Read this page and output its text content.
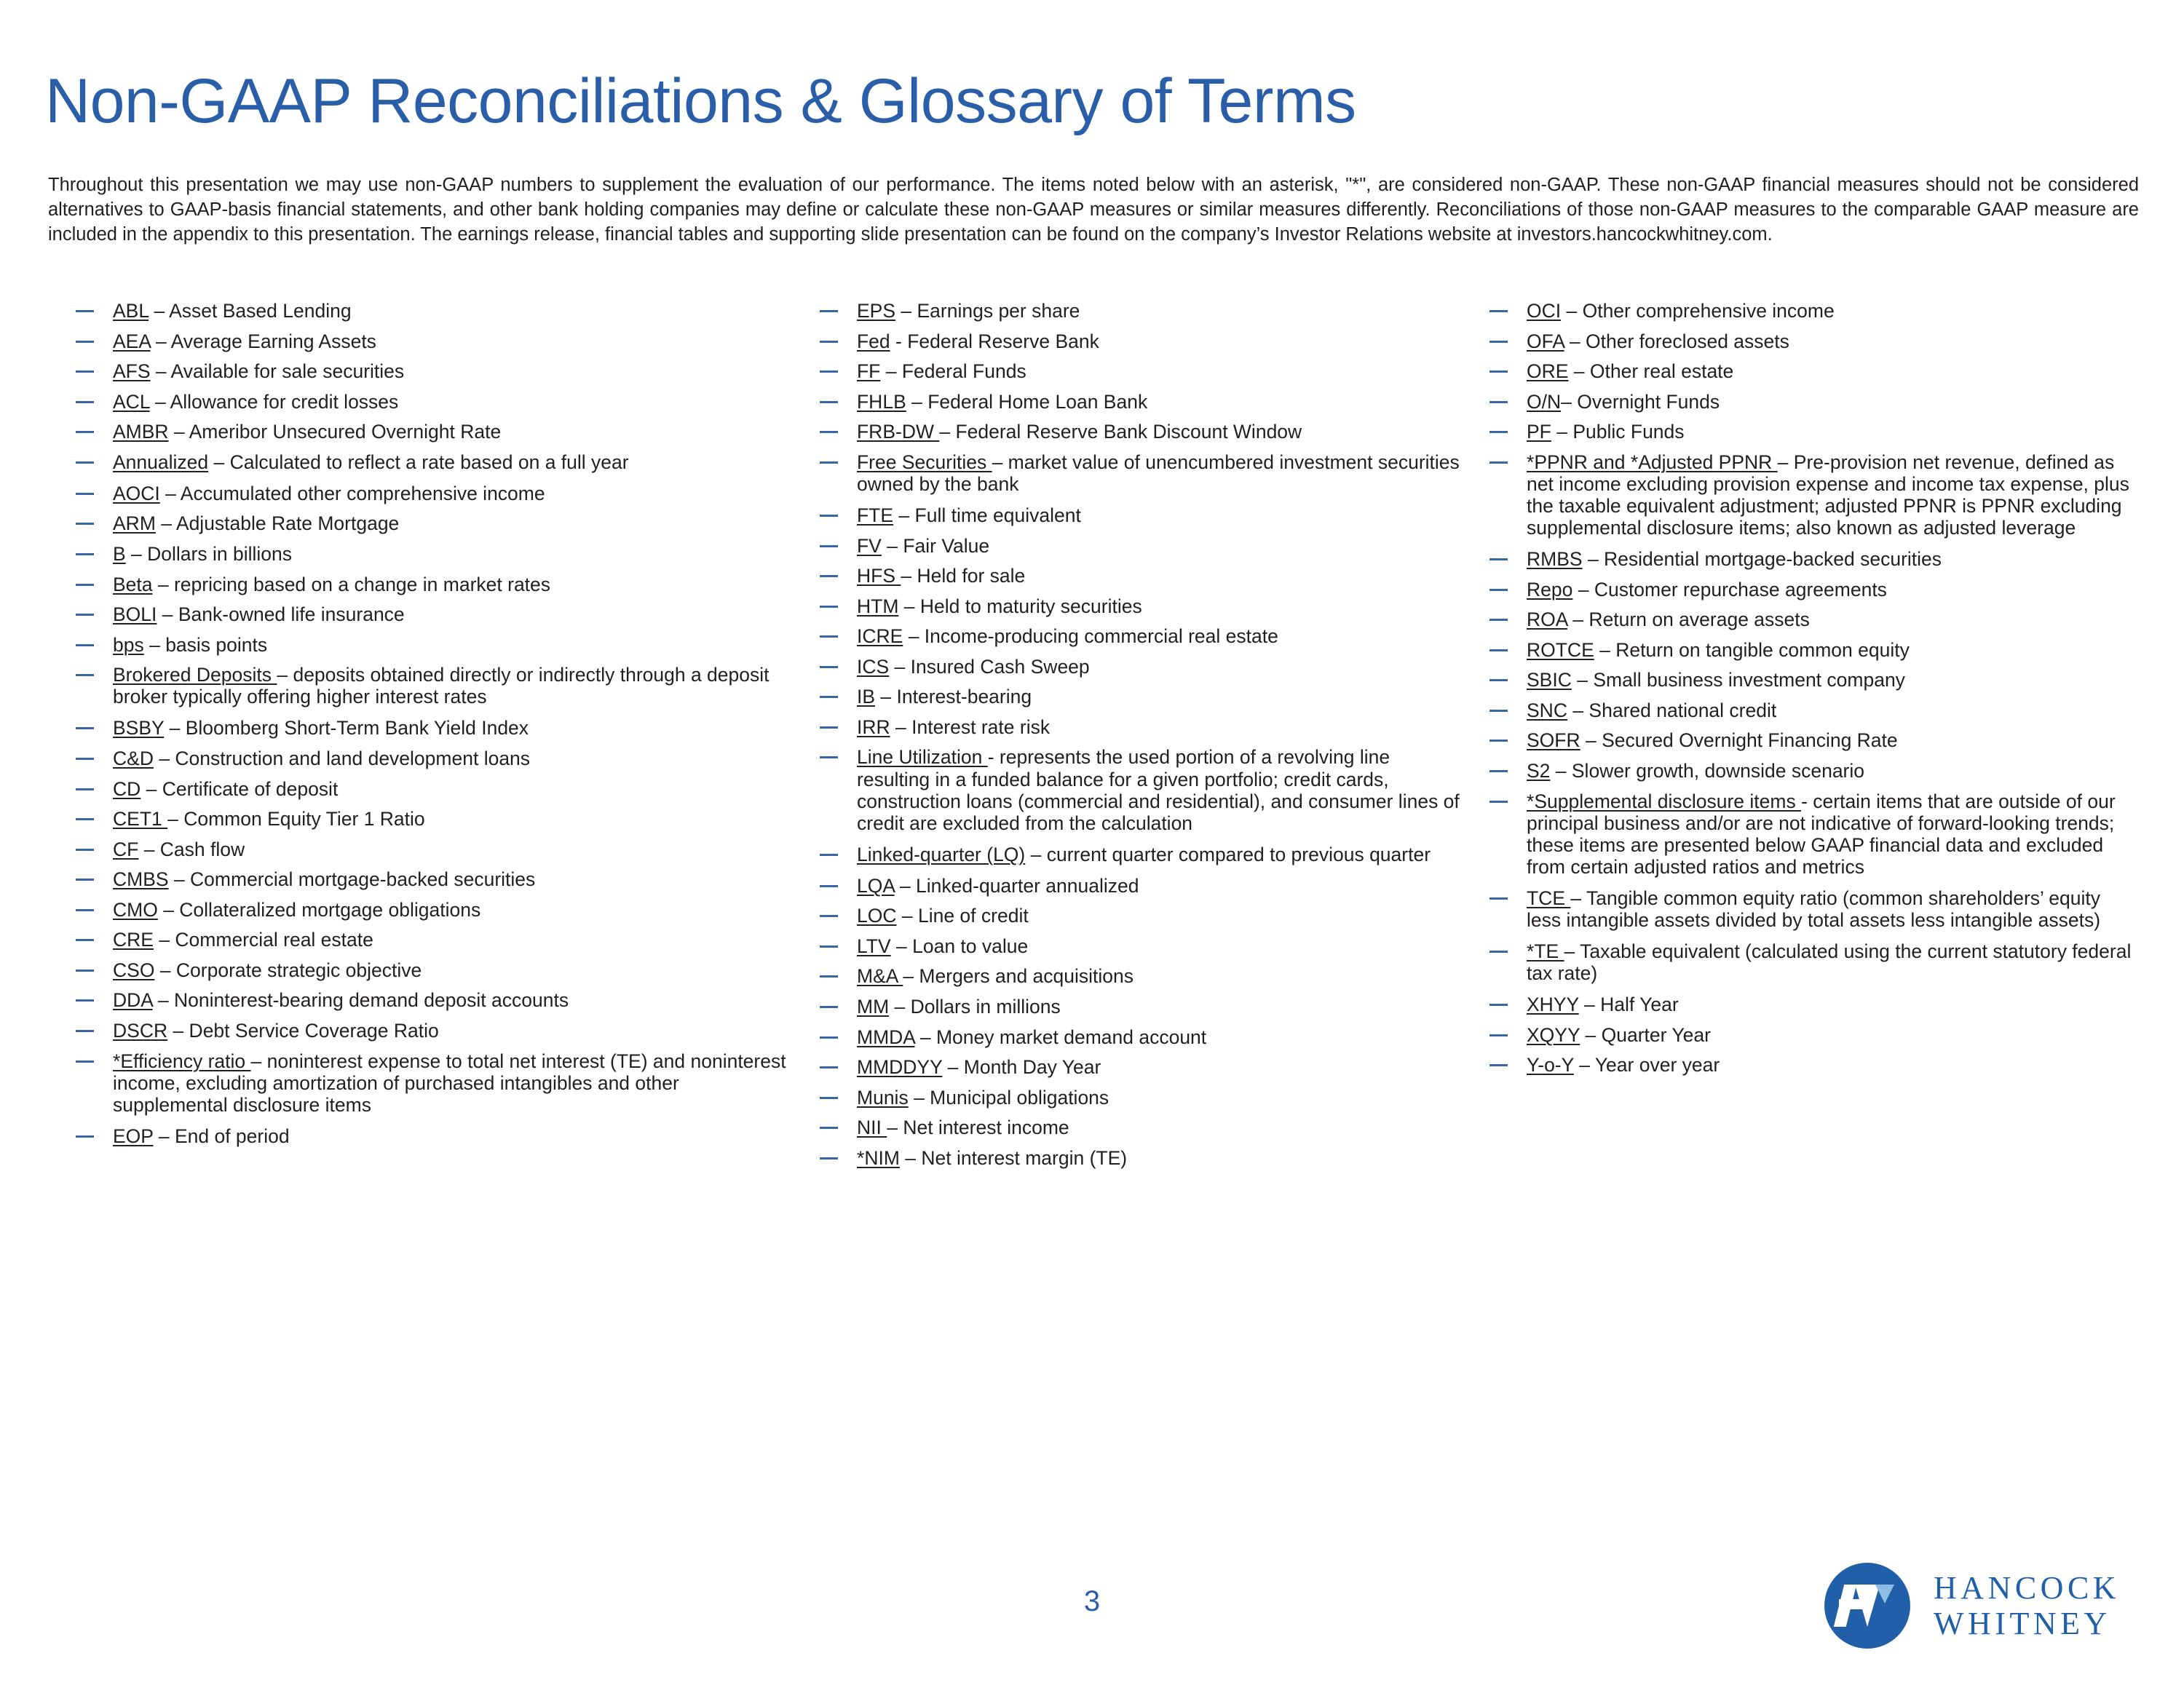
Non-GAAP Reconciliations & Glossary of Terms

Throughout this presentation we may use non-GAAP numbers to supplement the evaluation of our performance. The items noted below with an asterisk, "*", are considered non-GAAP. These non-GAAP financial measures should not be considered alternatives to GAAP-basis financial statements, and other bank holding companies may define or calculate these non-GAAP measures or similar measures differently. Reconciliations of those non-GAAP measures to the comparable GAAP measure are included in the appendix to this presentation. The earnings release, financial tables and supporting slide presentation can be found on the company’s Investor Relations website at investors.hancockwhitney.com.

ABL – Asset Based Lending
AEA – Average Earning Assets
AFS – Available for sale securities
ACL – Allowance for credit losses
AMBR – Ameribor Unsecured Overnight Rate
Annualized – Calculated to reflect a rate based on a full year
AOCI – Accumulated other comprehensive income
ARM – Adjustable Rate Mortgage
B – Dollars in billions
Beta – repricing based on a change in market rates
BOLI – Bank-owned life insurance
bps – basis points
Brokered Deposits – deposits obtained directly or indirectly through a deposit broker typically offering higher interest rates
BSBY – Bloomberg Short-Term Bank Yield Index
C&D – Construction and land development loans
CD – Certificate of deposit
CET1 – Common Equity Tier 1 Ratio
CF – Cash flow
CMBS – Commercial mortgage-backed securities
CMO – Collateralized mortgage obligations
CRE – Commercial real estate
CSO – Corporate strategic objective
DDA – Noninterest-bearing demand deposit accounts
DSCR – Debt Service Coverage Ratio
*Efficiency ratio – noninterest expense to total net interest (TE) and noninterest income, excluding amortization of purchased intangibles and other supplemental disclosure items
EOP – End of period
EPS – Earnings per share
Fed - Federal Reserve Bank
FF – Federal Funds
FHLB – Federal Home Loan Bank
FRB-DW – Federal Reserve Bank Discount Window
Free Securities – market value of unencumbered investment securities owned by the bank
FTE – Full time equivalent
FV – Fair Value
HFS – Held for sale
HTM – Held to maturity securities
ICRE – Income-producing commercial real estate
ICS – Insured Cash Sweep
IB – Interest-bearing
IRR – Interest rate risk
Line Utilization - represents the used portion of a revolving line resulting in a funded balance for a given portfolio; credit cards, construction loans (commercial and residential), and consumer lines of credit are excluded from the calculation
Linked-quarter (LQ) – current quarter compared to previous quarter
LQA – Linked-quarter annualized
LOC – Line of credit
LTV – Loan to value
M&A – Mergers and acquisitions
MM – Dollars in millions
MMDA – Money market demand account
MMDDYY – Month Day Year
Munis – Municipal obligations
NII – Net interest income
*NIM – Net interest margin (TE)
OCI – Other comprehensive income
OFA – Other foreclosed assets
ORE – Other real estate
O/N– Overnight Funds
PF – Public Funds
*PPNR and *Adjusted PPNR – Pre-provision net revenue, defined as net income excluding provision expense and income tax expense, plus the taxable equivalent adjustment; adjusted PPNR is PPNR excluding supplemental disclosure items; also known as adjusted leverage
RMBS – Residential mortgage-backed securities
Repo – Customer repurchase agreements
ROA – Return on average assets
ROTCE – Return on tangible common equity
SBIC – Small business investment company
SNC – Shared national credit
SOFR – Secured Overnight Financing Rate
S2 – Slower growth, downside scenario
*Supplemental disclosure items - certain items that are outside of our principal business and/or are not indicative of forward-looking trends; these items are presented below GAAP financial data and excluded from certain adjusted ratios and metrics
TCE – Tangible common equity ratio (common shareholders’ equity less intangible assets divided by total assets less intangible assets)
*TE – Taxable equivalent (calculated using the current statutory federal tax rate)
XHYY – Half Year
XQYY – Quarter Year
Y-o-Y – Year over year
3	HANCOCK
WHITNEY
